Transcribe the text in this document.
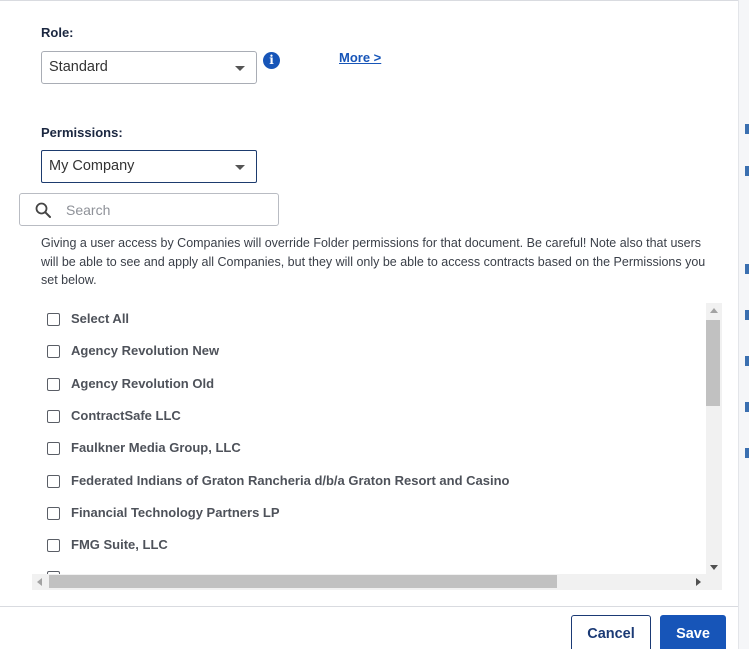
Role:
Standard	i	More >
Permissions:
My Company
Search
Giving a user access by Companies will override Folder permissions for that document. Be careful! Note also that users will be able to see and apply all Companies, but they will only be able to access contracts based on the Permissions you set below.
Select All
Agency Revolution New
Agency Revolution Old
ContractSafe LLC
Faulkner Media Group, LLC
Federated Indians of Graton Rancheria d/b/a Graton Resort and Casino
Financial Technology Partners LP
FMG Suite, LLC
Cancel	Save
